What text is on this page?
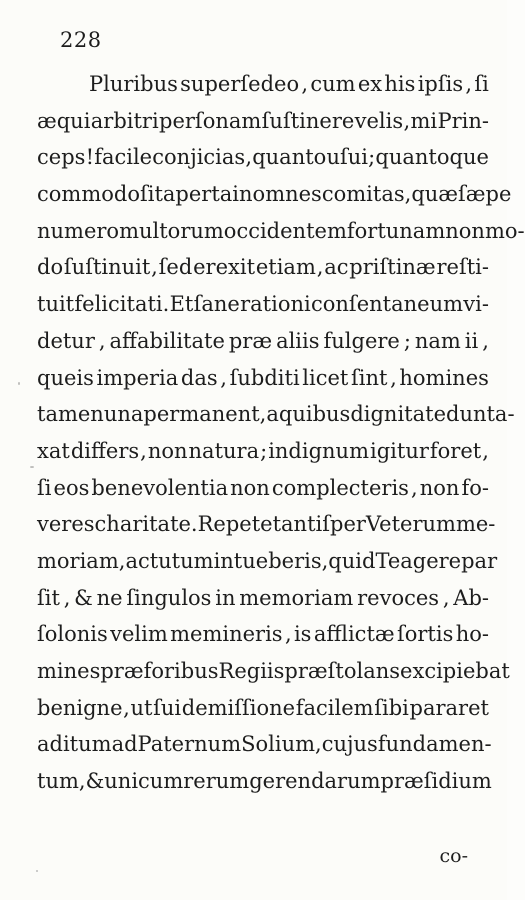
228
Pluribus superſedeo , cum ex his ipſis , ſi
æqui arbitri perſonam ſuſtinere velis , mi Prin-
ceps ! facile conjicias , quanto uſui ; quantoque
commodo ſit aperta in omnes comitas , quæ ſæpe
numero multorum occidentem fortunam non mo-
do ſuſtinuit , ſed erexit etiam , ac priſtinæ reſti-
tuit felicitati. Et ſane rationi conſentaneum vi-
detur , affabilitate præ aliis fulgere ; nam ii ,
queis imperia das , ſubditi licet ſint , homines
tamen una permanent , a quibus dignitate dunta-
xat differs , non natura ; indignum igitur foret ,
ſi eos benevolentia non complecteris , non fo-
veres charitate. Repete tantiſper Veterum me-
moriam , actutum intueberis , quid Te agere par
ſit , & ne ſingulos in memoriam revoces , Ab-
ſolonis velim memineris , is afflictæ ſortis ho-
mines præ foribus Regiis præſtolans excipiebat
benigne , ut ſui demiſſione facilem ſibi pararet
aditum ad Paternum Solium , cujus fundamen-
tum , & unicum rerum gerendarum præſidium
co-
